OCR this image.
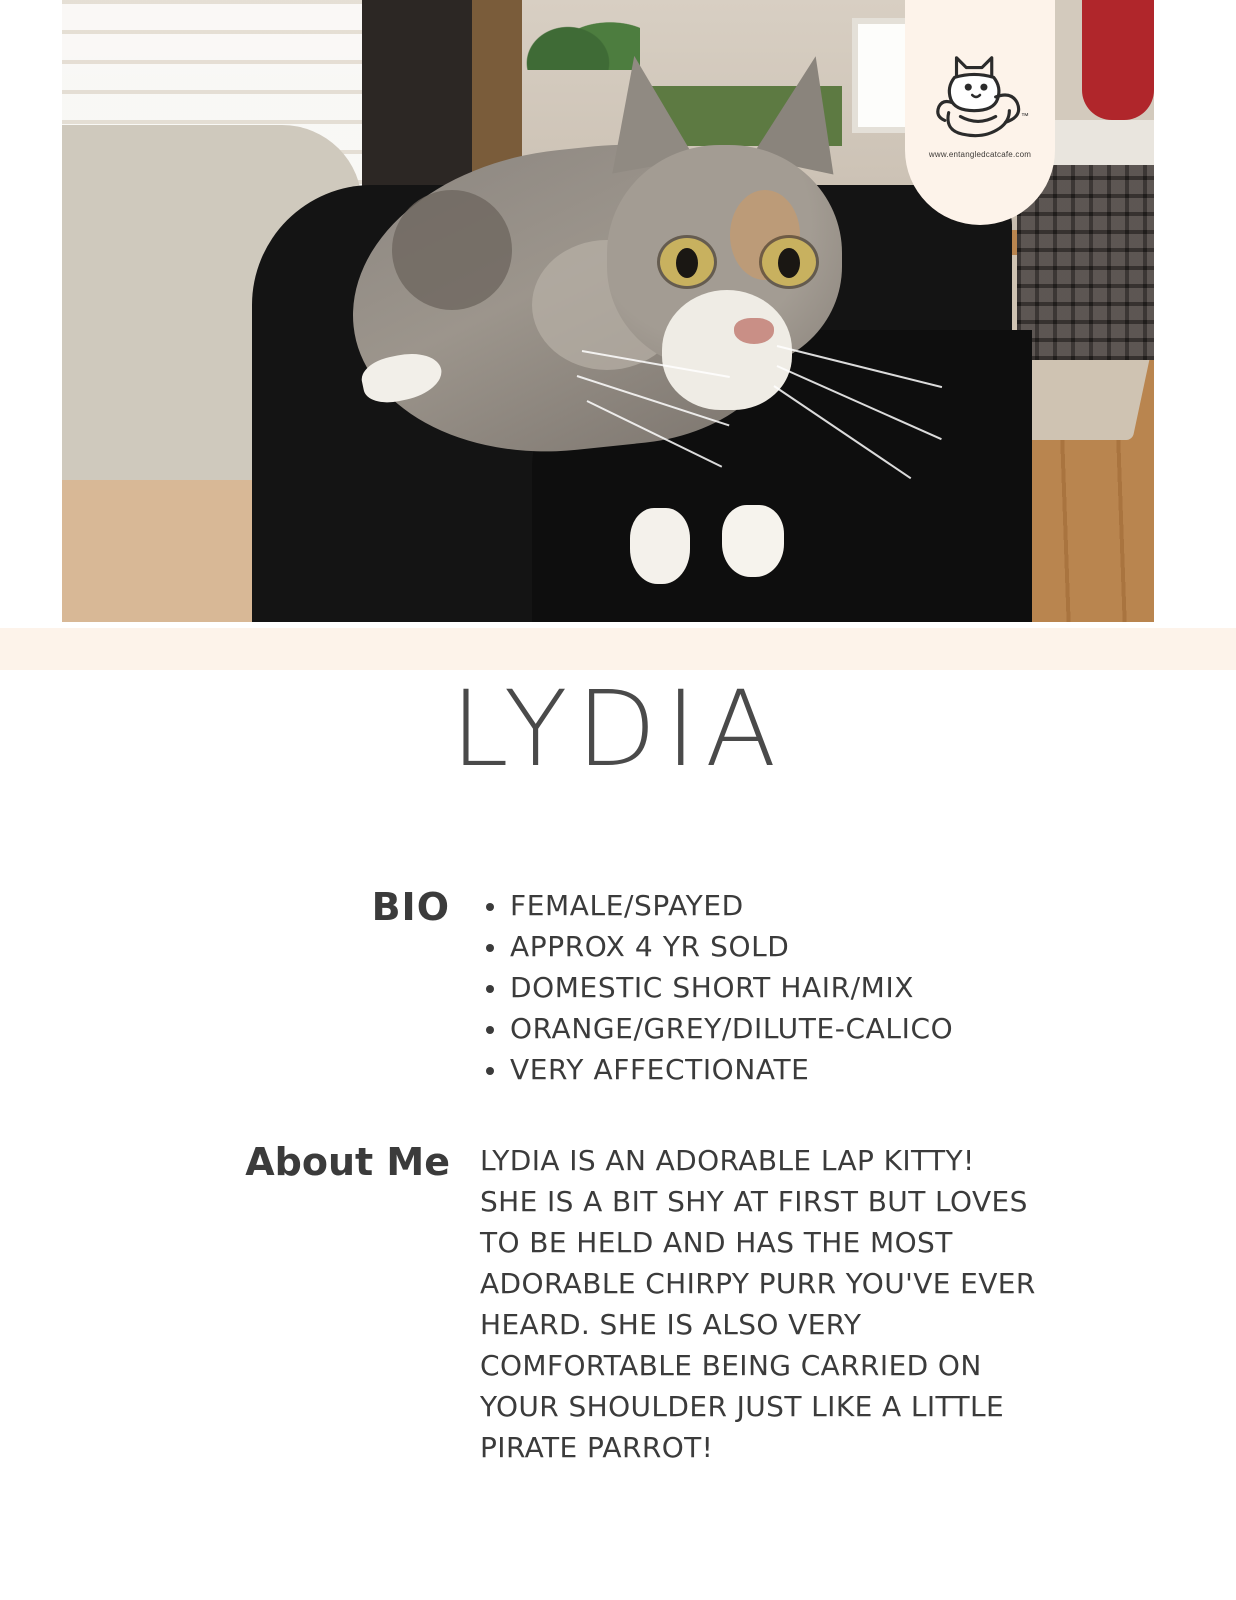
™
www.entangledcatcafe.com
LYDIA
BIO	FEMALE/SPAYED
APPROX 4 YR SOLD
DOMESTIC SHORT HAIR/MIX
ORANGE/GREY/DILUTE-CALICO
VERY AFFECTIONATE
About Me	LYDIA IS AN ADORABLE LAP KITTY! SHE IS A BIT SHY AT FIRST BUT LOVES TO BE HELD AND HAS THE MOST ADORABLE CHIRPY PURR YOU'VE EVER HEARD. SHE IS ALSO VERY COMFORTABLE BEING CARRIED ON YOUR SHOULDER JUST LIKE A LITTLE PIRATE PARROT!
